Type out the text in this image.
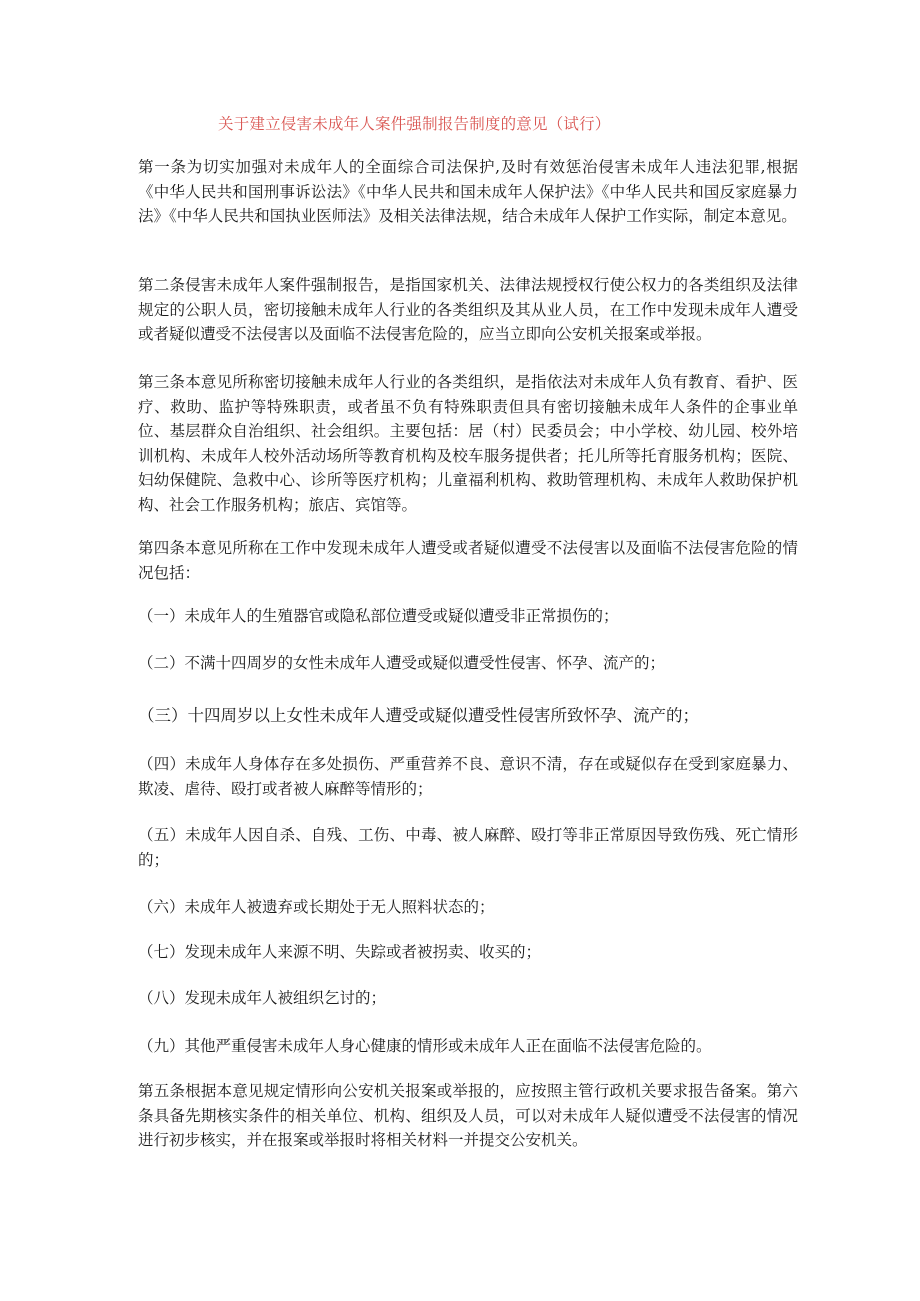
关于建立侵害未成年人案件强制报告制度的意见（试行）

第一条为切实加强对未成年人的全面综合司法保护,及时有效惩治侵害未成年人违法犯罪,根据《中华人民共和国刑事诉讼法》《中华人民共和国未成年人保护法》《中华人民共和国反家庭暴力法》《中华人民共和国执业医师法》及相关法律法规，结合未成年人保护工作实际，制定本意见。

第二条侵害未成年人案件强制报告，是指国家机关、法律法规授权行使公权力的各类组织及法律规定的公职人员，密切接触未成年人行业的各类组织及其从业人员，在工作中发现未成年人遭受或者疑似遭受不法侵害以及面临不法侵害危险的，应当立即向公安机关报案或举报。

第三条本意见所称密切接触未成年人行业的各类组织，是指依法对未成年人负有教育、看护、医疗、救助、监护等特殊职责，或者虽不负有特殊职责但具有密切接触未成年人条件的企事业单位、基层群众自治组织、社会组织。主要包括：居（村）民委员会；中小学校、幼儿园、校外培训机构、未成年人校外活动场所等教育机构及校车服务提供者；托儿所等托育服务机构；医院、妇幼保健院、急救中心、诊所等医疗机构；儿童福利机构、救助管理机构、未成年人救助保护机构、社会工作服务机构；旅店、宾馆等。

第四条本意见所称在工作中发现未成年人遭受或者疑似遭受不法侵害以及面临不法侵害危险的情况包括：

（一）未成年人的生殖器官或隐私部位遭受或疑似遭受非正常损伤的；
（二）不满十四周岁的女性未成年人遭受或疑似遭受性侵害、怀孕、流产的；
（三）十四周岁以上女性未成年人遭受或疑似遭受性侵害所致怀孕、流产的；

（四）未成年人身体存在多处损伤、严重营养不良、意识不清，存在或疑似存在受到家庭暴力、欺凌、虐待、殴打或者被人麻醉等情形的；

（五）未成年人因自杀、自残、工伤、中毒、被人麻醉、殴打等非正常原因导致伤残、死亡情形的；

（六）未成年人被遗弃或长期处于无人照料状态的；
（七）发现未成年人来源不明、失踪或者被拐卖、收买的；
（八）发现未成年人被组织乞讨的；
（九）其他严重侵害未成年人身心健康的情形或未成年人正在面临不法侵害危险的。

第五条根据本意见规定情形向公安机关报案或举报的，应按照主管行政机关要求报告备案。第六条具备先期核实条件的相关单位、机构、组织及人员，可以对未成年人疑似遭受不法侵害的情况进行初步核实，并在报案或举报时将相关材料一并提交公安机关。
